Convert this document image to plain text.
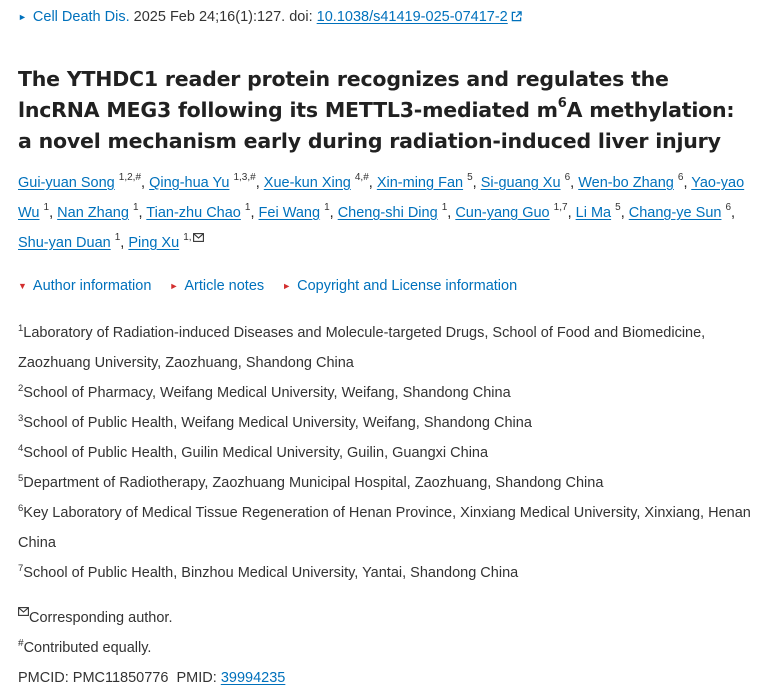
► Cell Death Dis. 2025 Feb 24;16(1):127. doi: 10.1038/s41419-025-07417-2
The YTHDC1 reader protein recognizes and regulates the lncRNA MEG3 following its METTL3-mediated $m^6A$ methylation: a novel mechanism early during radiation-induced liver injury
Gui-yuan Song $^{1,2,\#}$, Qing-hua Yu $^{1,3,\#}$, Xue-kun Xing $^{4,\#}$, Xin-ming Fan $^5$, Si-guang Xu $^6$, Wen-bo Zhang $^6$, Yao-yao Wu $^1$, Nan Zhang $^1$, Tian-zhu Chao $^1$, Fei Wang $^1$, Cheng-shi Ding $^1$, Cun-yang Guo $^{1,7}$, Li Ma $^5$, Chang-ye Sun $^6$, Shu-yan Duan $^1$, Ping Xu $^{1,}$
▼ Author information ► Article notes ► Copyright and License information

$^1$Laboratory of Radiation-induced Diseases and Molecule-targeted Drugs, School of Food and Biomedicine, Zaozhuang University, Zaozhuang, Shandong China

$^2$School of Pharmacy, Weifang Medical University, Weifang, Shandong China

$^3$School of Public Health, Weifang Medical University, Weifang, Shandong China

$^4$School of Public Health, Guilin Medical University, Guilin, Guangxi China

$^5$Department of Radiotherapy, Zaozhuang Municipal Hospital, Zaozhuang, Shandong China

$^6$Key Laboratory of Medical Tissue Regeneration of Henan Province, Xinxiang Medical University, Xinxiang, Henan China

$^7$School of Public Health, Binzhou Medical University, Yantai, Shandong China

Corresponding author.

#Contributed equally.

PMCID: PMC11850776  PMID: 39994235
